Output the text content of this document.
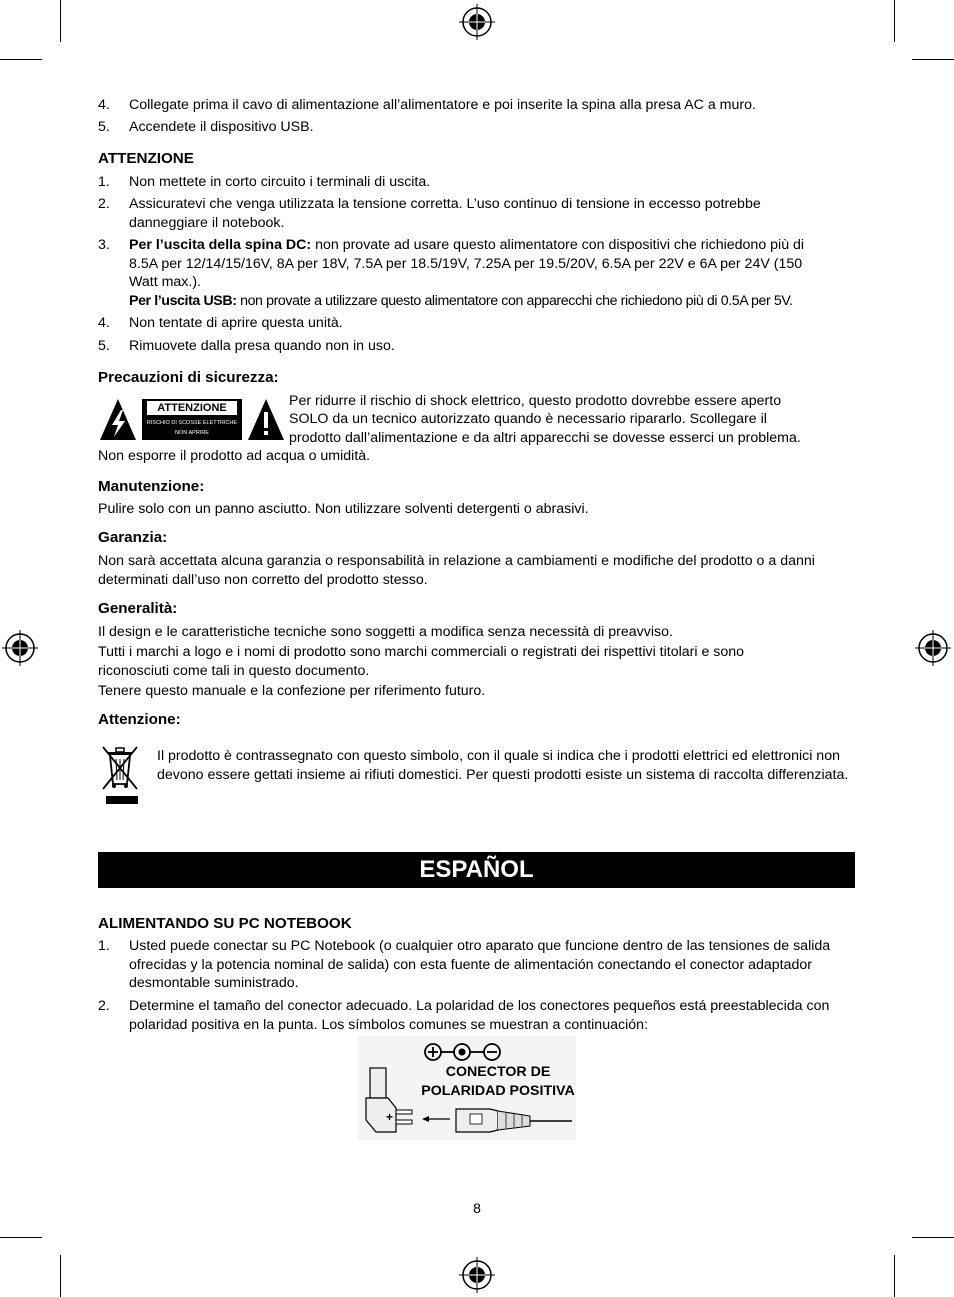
4. Collegate prima il cavo di alimentazione all’alimentatore e poi inserite la spina alla presa AC a muro.
5. Accendete il dispositivo USB.
ATTENZIONE
1. Non mettete in corto circuito i terminali di uscita.
2. Assicuratevi che venga utilizzata la tensione corretta. L’uso continuo di tensione in eccesso potrebbe danneggiare il notebook.
3. Per l’uscita della spina DC: non provate ad usare questo alimentatore con dispositivi che richiedono più di 8.5A per 12/14/15/16V, 8A per 18V, 7.5A per 18.5/19V, 7.25A per 19.5/20V, 6.5A per 22V e 6A per 24V (150 Watt max.).
Per l’uscita USB: non provate a utilizzare questo alimentatore con apparecchi che richiedono più di 0.5A per 5V.
4. Non tentate di aprire questa unità.
5. Rimuovete dalla presa quando non in uso.
Precauzioni di sicurezza:
ATTENZIONE
RISCHIO DI SCOSSE ELETTRICHE
NON APRIRE
Per ridurre il rischio di shock elettrico, questo prodotto dovrebbe essere aperto
SOLO da un tecnico autorizzato quando è necessario ripararlo. Scollegare il
prodotto dall’alimentazione e da altri apparecchi se dovesse esserci un problema.
Non esporre il prodotto ad acqua o umidità.
Manutenzione:
Pulire solo con un panno asciutto. Non utilizzare solventi detergenti o abrasivi.
Garanzia:
Non sarà accettata alcuna garanzia o responsabilità in relazione a cambiamenti e modifiche del prodotto o a danni determinati dall’uso non corretto del prodotto stesso.
Generalità:
Il design e le caratteristiche tecniche sono soggetti a modifica senza necessità di preavviso.
Tutti i marchi a logo e i nomi di prodotto sono marchi commerciali o registrati dei rispettivi titolari e sono riconosciuti come tali in questo documento.
Tenere questo manuale e la confezione per riferimento futuro.
Attenzione:
Il prodotto è contrassegnato con questo simbolo, con il quale si indica che i prodotti elettrici ed elettronici non devono essere gettati insieme ai rifiuti domestici. Per questi prodotti esiste un sistema di raccolta differenziata.
ESPAÑOL
ALIMENTANDO SU PC NOTEBOOK
1. Usted puede conectar su PC Notebook (o cualquier otro aparato que funcione dentro de las tensiones de salida ofrecidas y la potencia nominal de salida) con esta fuente de alimentación conectando el conector adaptador desmontable suministrado.
2. Determine el tamaño del conector adecuado. La polaridad de los conectores pequeños está preestablecida con polaridad positiva en la punta. Los símbolos comunes se muestran a continuación:
+
CONECTOR DE
POLARIDAD POSITIVA
8
